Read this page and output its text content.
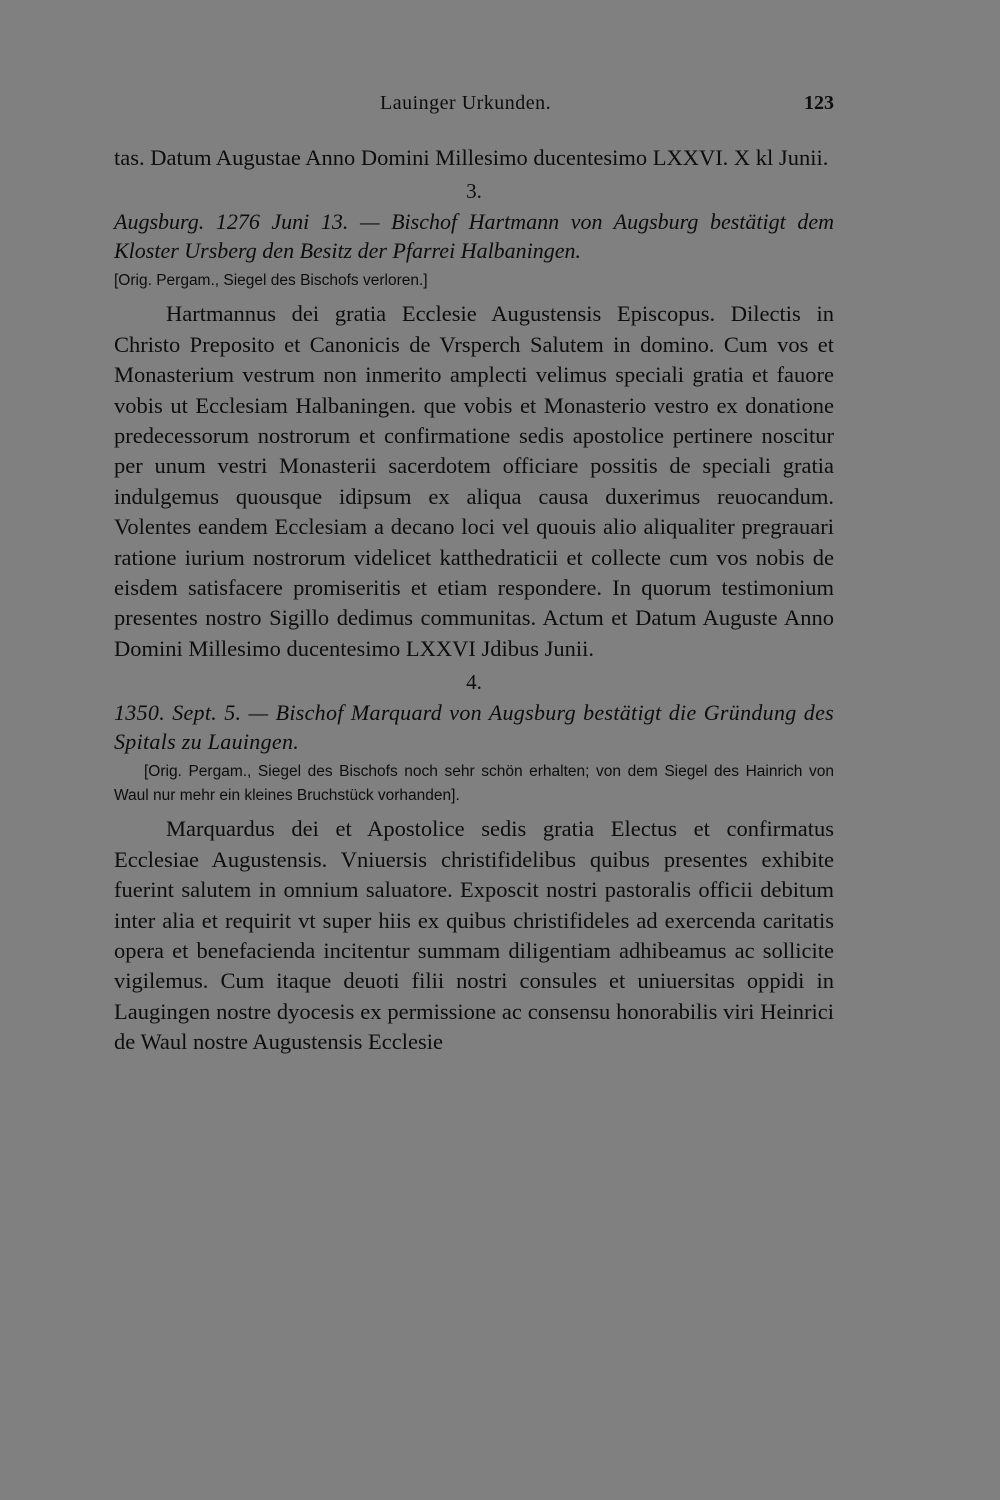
Lauinger Urkunden.	123

tas. Datum Augustae Anno Domini Millesimo ducentesimo LXXVI. X kl Junii.

3.

Augsburg. 1276 Juni 13. — Bischof Hartmann von Augsburg bestätigt dem Kloster Ursberg den Besitz der Pfarrei Halbaningen.

[Orig. Pergam., Siegel des Bischofs verloren.]

Hartmannus dei gratia Ecclesie Augustensis Episcopus. Dilectis in Christo Preposito et Canonicis de Vrsperch Salutem in domino. Cum vos et Monasterium vestrum non inmerito amplecti velimus speciali gratia et fauore vobis ut Ecclesiam Halbaningen. que vobis et Monasterio vestro ex donatione predecessorum nostrorum et confirmatione sedis apostolice pertinere noscitur per unum vestri Monasterii sacerdotem officiare possitis de speciali gratia indulgemus quousque idipsum ex aliqua causa duxerimus reuocandum. Volentes eandem Ecclesiam a decano loci vel quouis alio aliqualiter pregrauari ratione iurium nostrorum videlicet katthedraticii et collecte cum vos nobis de eisdem satisfacere promiseritis et etiam respondere. In quorum testimonium presentes nostro Sigillo dedimus communitas. Actum et Datum Auguste Anno Domini Millesimo ducentesimo LXXVI Jdibus Junii.

4.

1350. Sept. 5. — Bischof Marquard von Augsburg bestätigt die Gründung des Spitals zu Lauingen.

[Orig. Pergam., Siegel des Bischofs noch sehr schön erhalten; von dem Siegel des Hainrich von Waul nur mehr ein kleines Bruchstück vorhanden].

Marquardus dei et Apostolice sedis gratia Electus et confirmatus Ecclesiae Augustensis. Vniuersis christifidelibus quibus presentes exhibite fuerint salutem in omnium saluatore. Exposcit nostri pastoralis officii debitum inter alia et requirit vt super hiis ex quibus christifideles ad exercenda caritatis opera et benefacienda incitentur summam diligentiam adhibeamus ac sollicite vigilemus. Cum itaque deuoti filii nostri consules et uniuersitas oppidi in Laugingen nostre dyocesis ex permissione ac consensu honorabilis viri Heinrici de Waul nostre Augustensis Ecclesie
